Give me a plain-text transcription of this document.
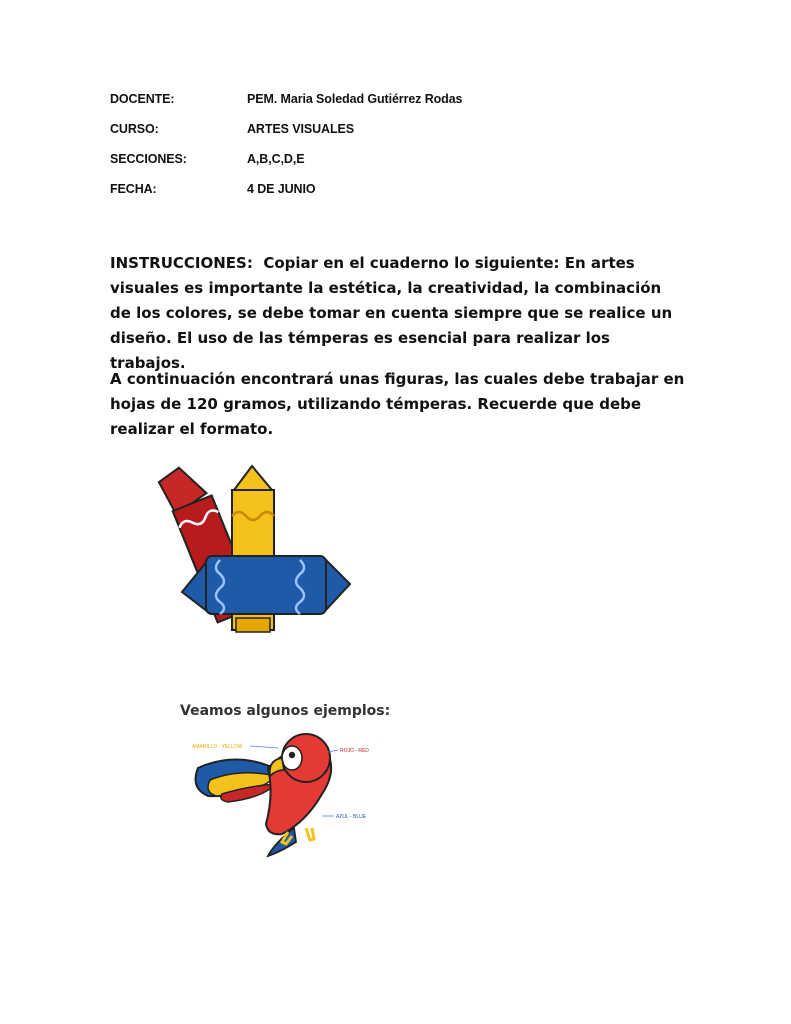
DOCENTE:	PEM. Maria Soledad Gutiérrez Rodas
CURSO:	ARTES VISUALES
SECCIONES:	A,B,C,D,E
FECHA:	4 DE JUNIO
INSTRUCCIONES: Copiar en el cuaderno lo siguiente: En artes visuales es importante la estética, la creatividad, la combinación de los colores, se debe tomar en cuenta siempre que se realice un diseño. El uso de las témperas es esencial para realizar los trabajos.
A continuación encontrará unas figuras, las cuales debe trabajar en hojas de 120 gramos, utilizando témperas. Recuerde que debe realizar el formato.
Veamos algunos ejemplos:
AMARILLO - YELLOW
ROJO - RED
AZUL - BLUE
